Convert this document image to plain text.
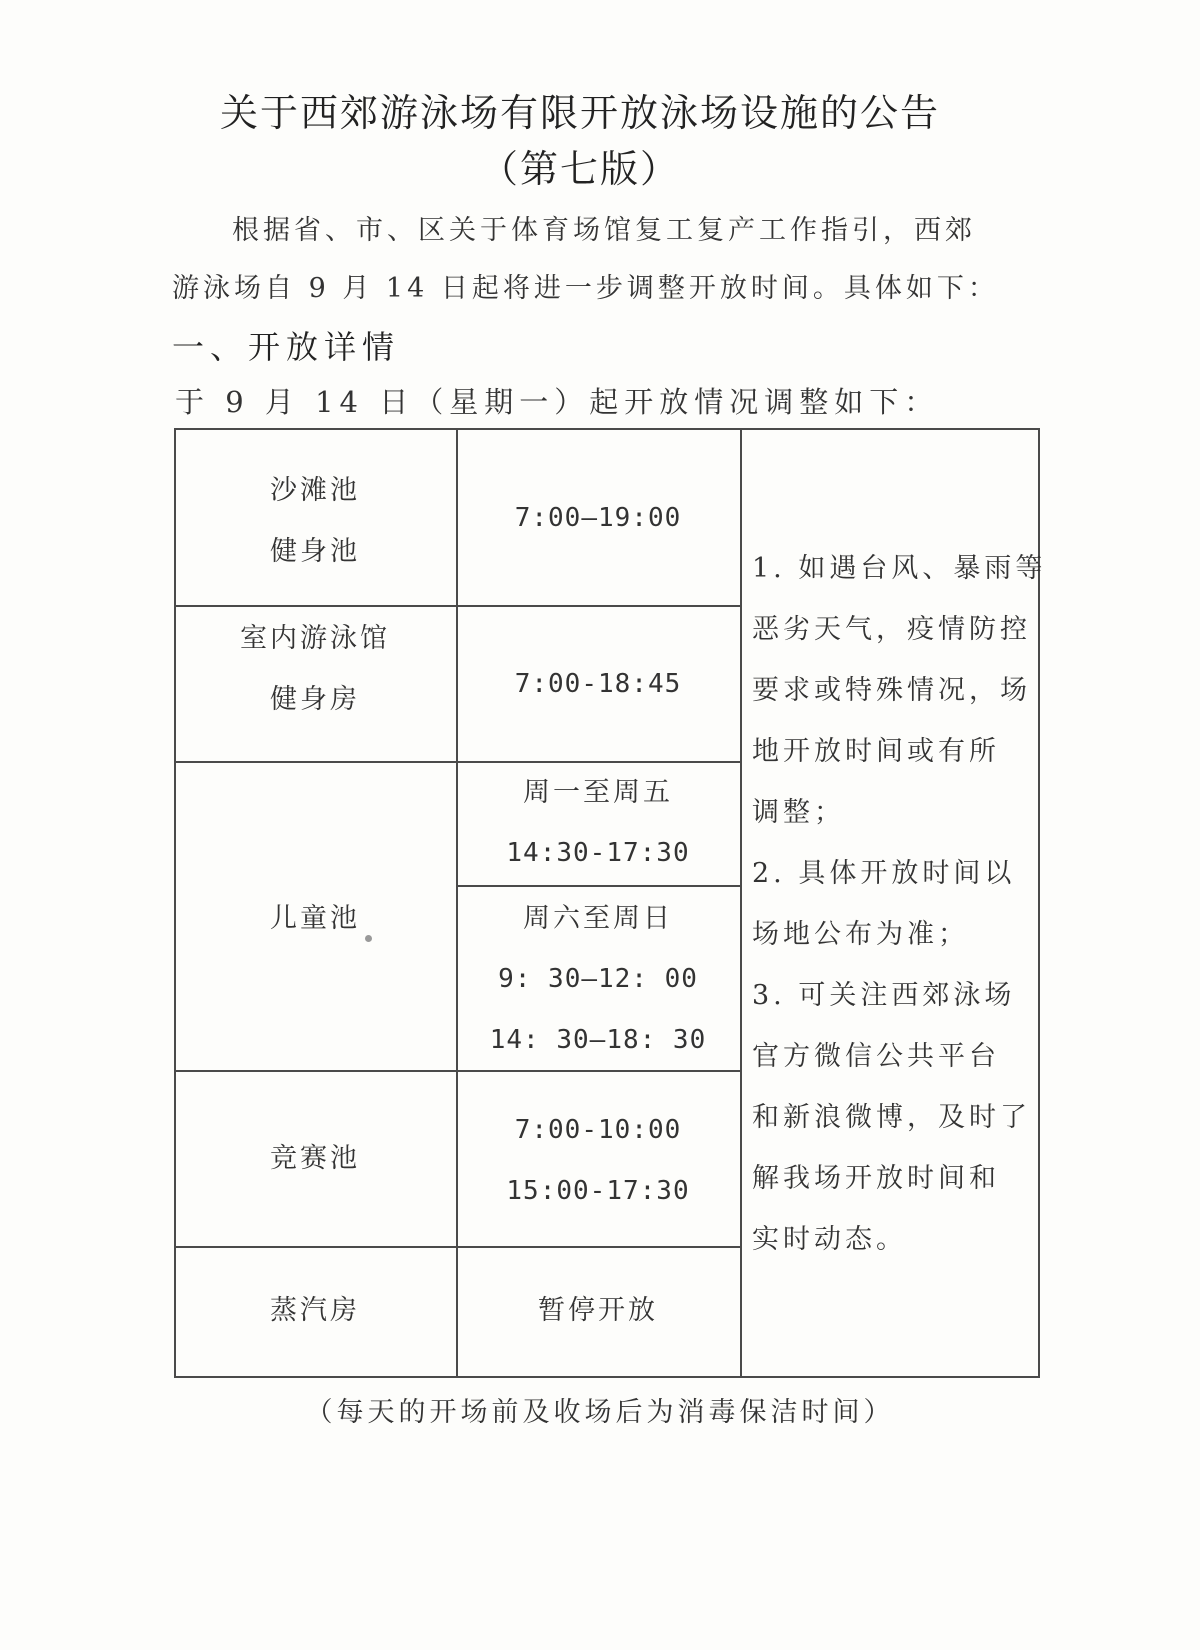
关于西郊游泳场有限开放泳场设施的公告
（第七版）
根据省、市、区关于体育场馆复工复产工作指引，西郊
游泳场自 9 月 14 日起将进一步调整开放时间。具体如下：
一、开放详情
于 9 月 14 日（星期一）起开放情况调整如下：
沙滩池
健身池
7:00—19:00
室内游泳馆
健身房	7:00-18:45
儿童池
周一至周五
14:30-17:30
周六至周日
9: 30—12: 00
14: 30—18: 30
竞赛池
7:00-10:00
15:00-17:30
蒸汽房	暂停开放
1. 如遇台风、暴雨等
恶劣天气，疫情防控
要求或特殊情况，场
地开放时间或有所
调整；
2. 具体开放时间以
场地公布为准；
3. 可关注西郊泳场
官方微信公共平台
和新浪微博，及时了
解我场开放时间和
实时动态。
（每天的开场前及收场后为消毒保洁时间）
